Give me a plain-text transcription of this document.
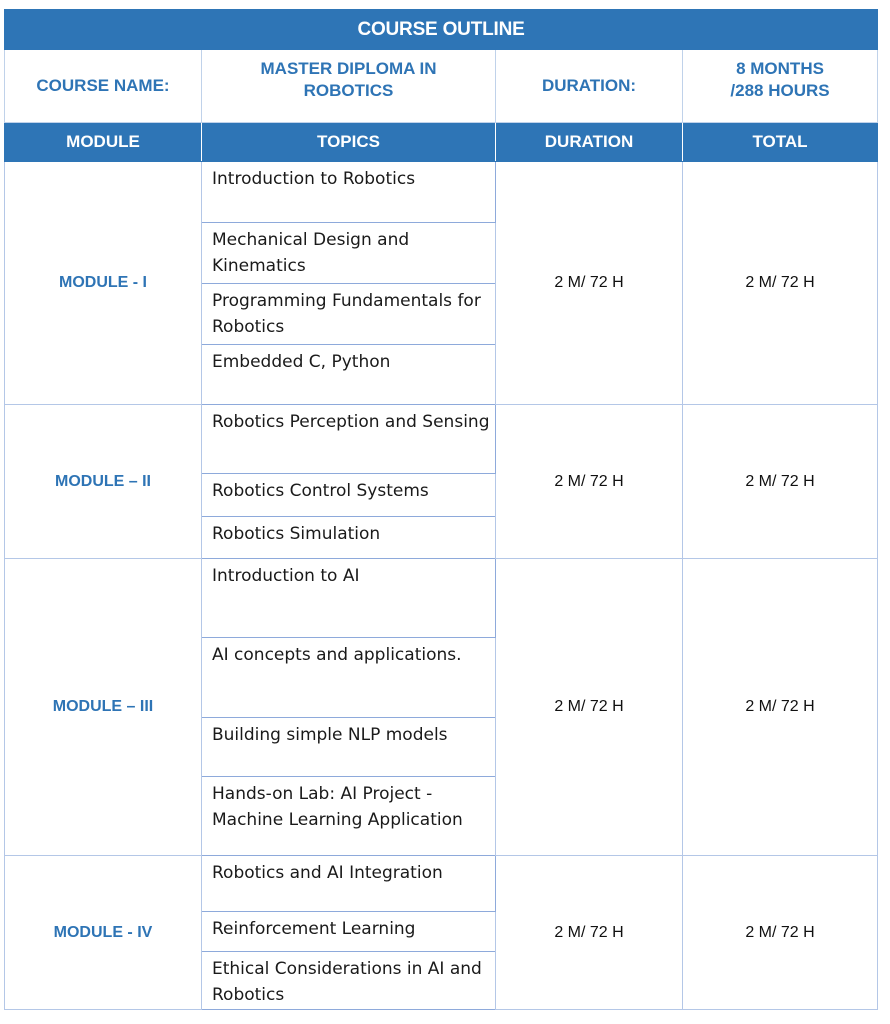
COURSE OUTLINE			

COURSE NAME:	MASTER DIPLOMA IN ROBOTICS	DURATION:	8 MONTHS /288 HOURS

MODULE	TOPICS	DURATION	TOTAL
MODULE - I	Introduction to Robotics	2 M/ 72 H	2 M/ 72 H
	Mechanical Design and Kinematics		
	Programming Fundamentals for Robotics		
	Embedded C, Python		
MODULE – II	Robotics Perception and Sensing	2 M/ 72 H	2 M/ 72 H
	Robotics Control Systems		
	Robotics Simulation		
MODULE – III	Introduction to AI	2 M/ 72 H	2 M/ 72 H
	AI concepts and applications.		
	Building simple NLP models		
	Hands-on Lab: AI Project - Machine Learning Application		
MODULE - IV	Robotics and AI Integration	2 M/ 72 H	2 M/ 72 H
	Reinforcement Learning		
	Ethical Considerations in AI and Robotics		
